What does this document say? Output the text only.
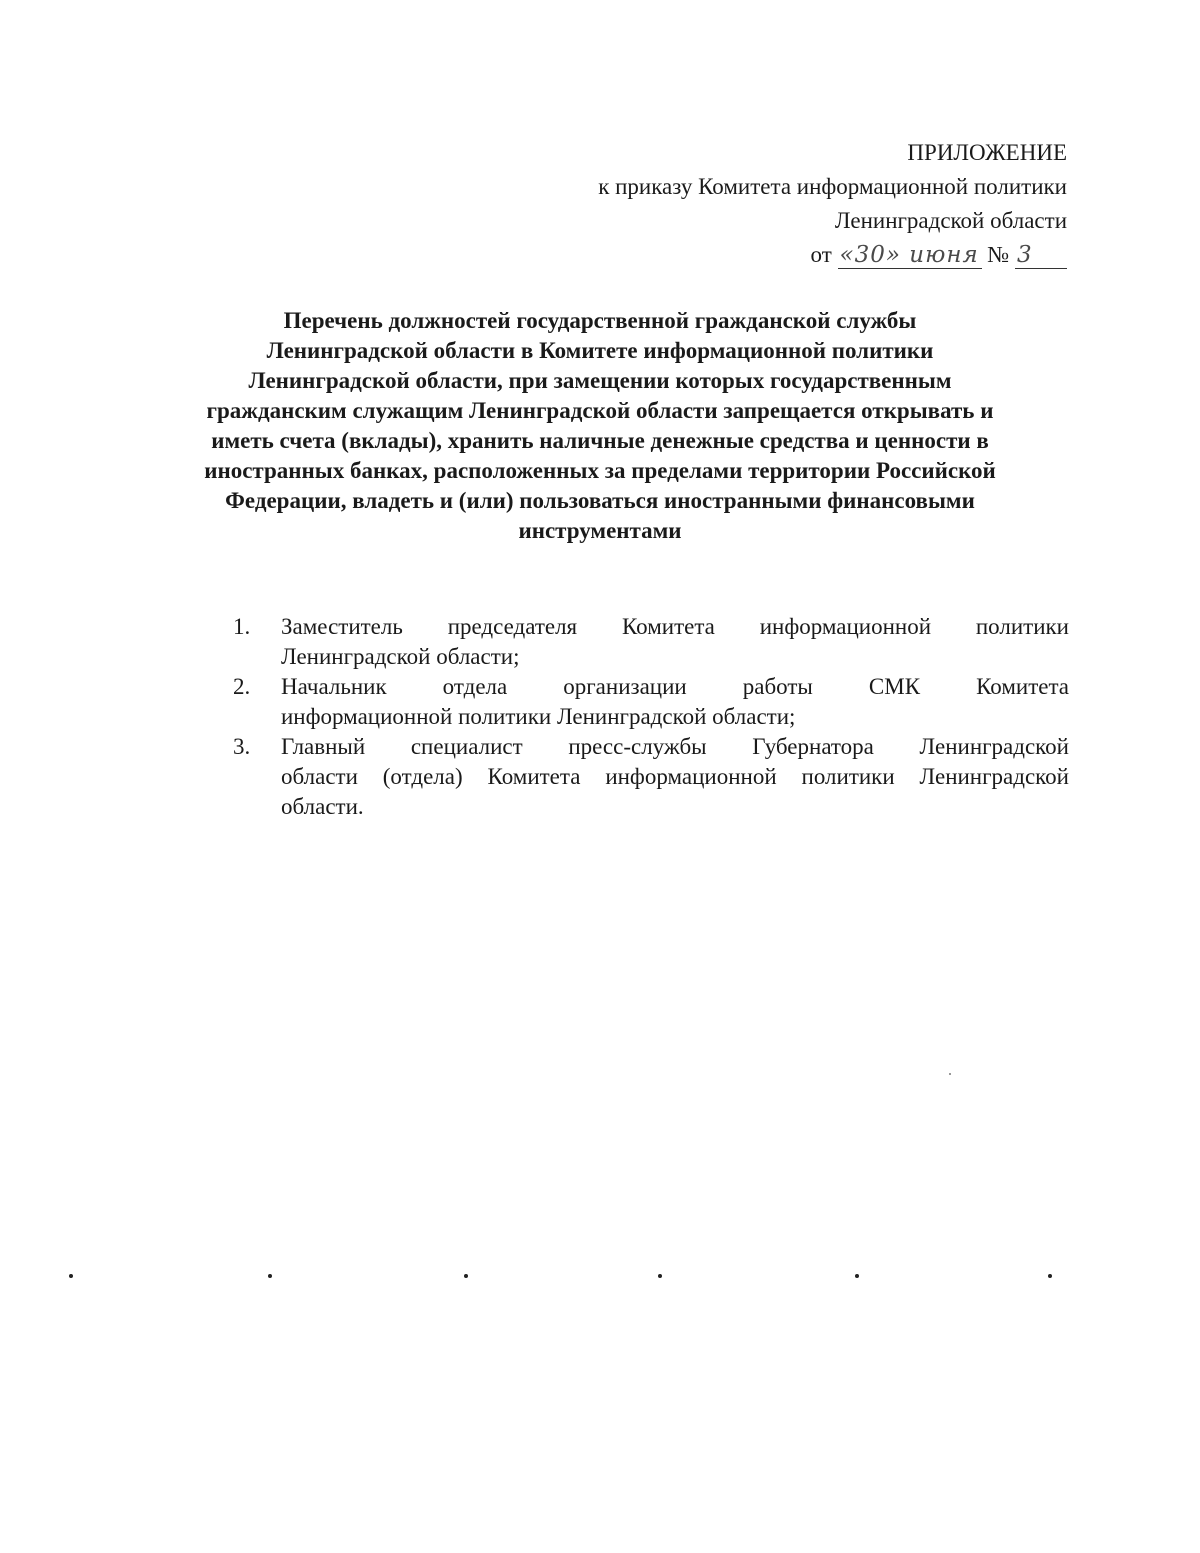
ПРИЛОЖЕНИЕ
к приказу Комитета информационной политики
Ленинградской области
от «30» июня № 3
Перечень должностей государственной гражданской службы
Ленинградской области в Комитете информационной политики
Ленинградской области, при замещении которых государственным
гражданским служащим Ленинградской области запрещается открывать и
иметь счета (вклады), хранить наличные денежные средства и ценности в
иностранных банках, расположенных за пределами территории Российской
Федерации, владеть и (или) пользоваться иностранными финансовыми
инструментами
1. Заместитель председателя Комитета информационной политики
Ленинградской области;
2. Начальник отдела организации работы СМК Комитета
информационной политики Ленинградской области;
3. Главный специалист пресс-службы Губернатора Ленинградской
области (отдела) Комитета информационной политики Ленинградской
области.
